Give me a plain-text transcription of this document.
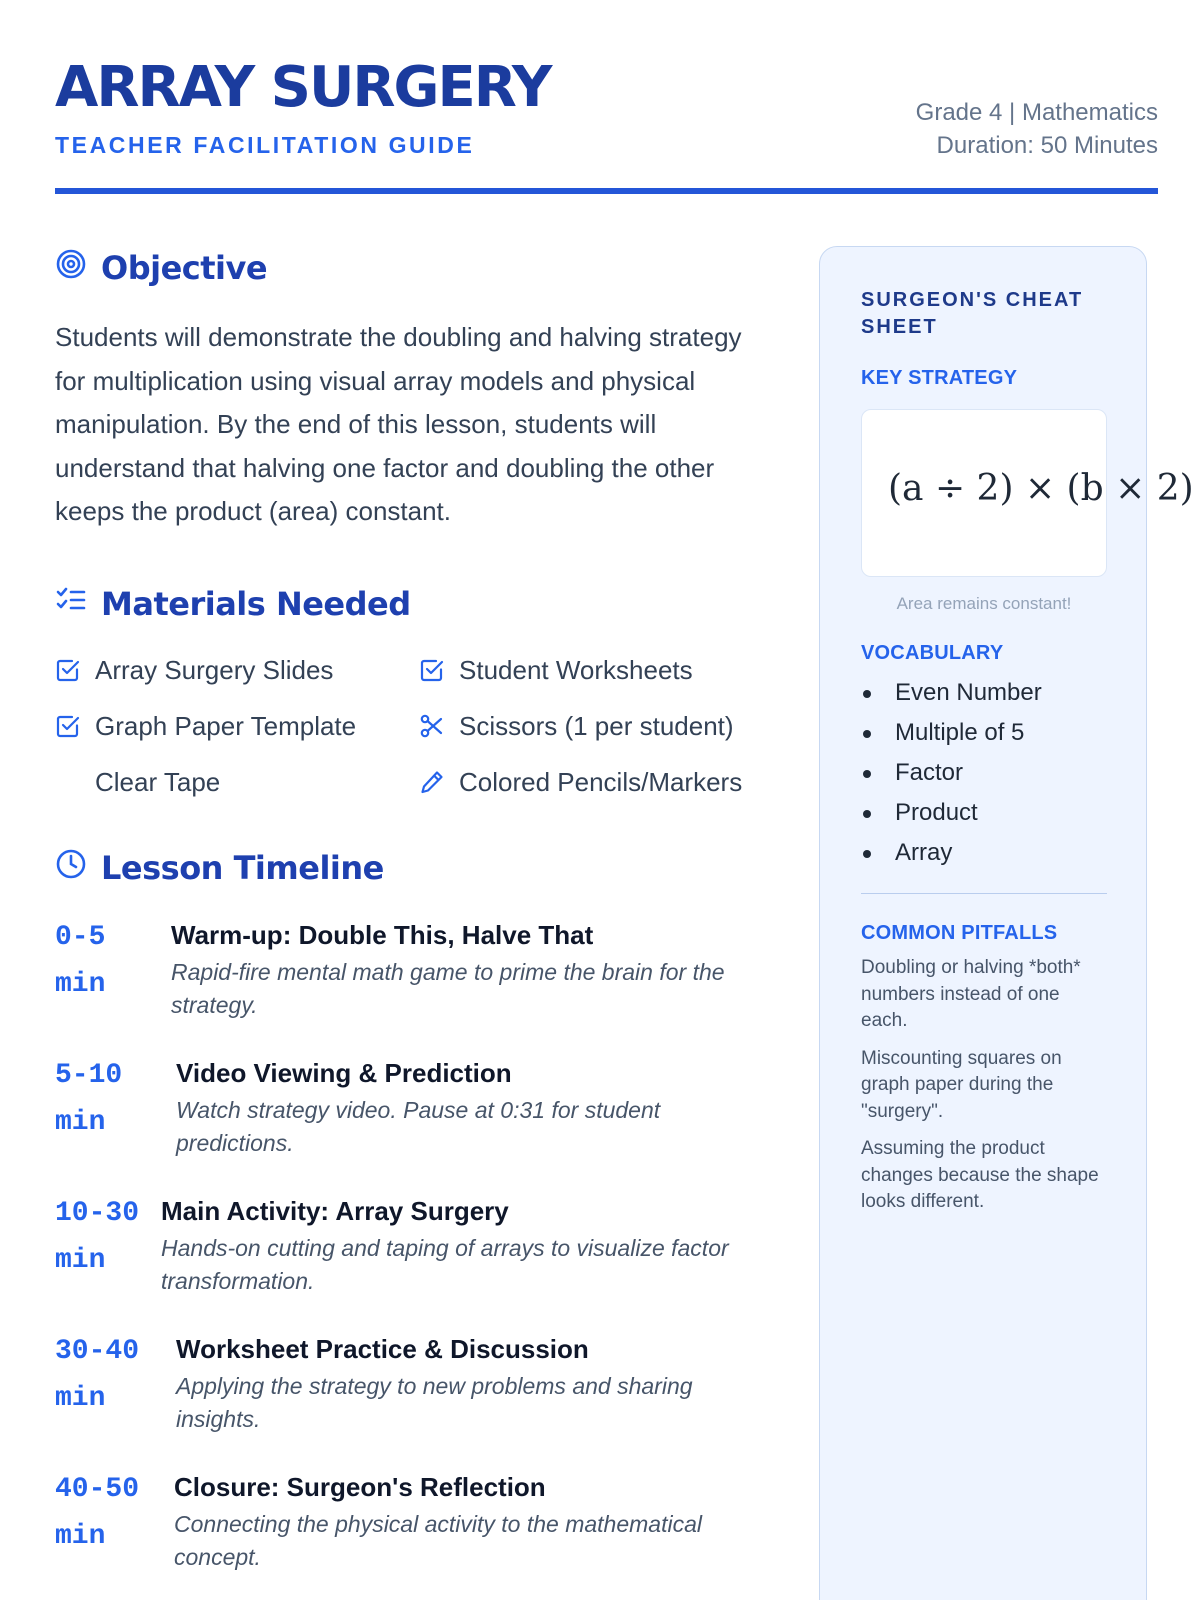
ARRAY SURGERY
TEACHER FACILITATION GUIDE
Grade 4 | Mathematics
Duration: 50 Minutes
Objective

Students will demonstrate the doubling and halving strategy for multiplication using visual array models and physical manipulation. By the end of this lesson, students will understand that halving one factor and doubling the other keeps the product (area) constant.

Materials Needed
Array Surgery Slides	Student Worksheets
Graph Paper Template	Scissors (1 per student)
Clear Tape	Colored Pencils/Markers
Lesson Timeline
0-5 min
Warm-up: Double This, Halve That
Rapid-fire mental math game to prime the brain for the strategy.
5-10 min
Video Viewing & Prediction
Watch strategy video. Pause at 0:31 for student predictions.
10-30 min
Main Activity: Array Surgery
Hands-on cutting and taping of arrays to visualize factor transformation.
30-40 min
Worksheet Practice & Discussion
Applying the strategy to new problems and sharing insights.
40-50 min
Closure: Surgeon's Reflection
Connecting the physical activity to the mathematical concept.
SURGEON'S CHEAT SHEET
KEY STRATEGY
(a ÷ 2) × (b × 2)
Area remains constant!
VOCABULARY
Even Number
Multiple of 5
Factor
Product
Array
COMMON PITFALLS

Doubling or halving *both* numbers instead of one each.

Miscounting squares on graph paper during the "surgery".

Assuming the product changes because the shape looks different.
